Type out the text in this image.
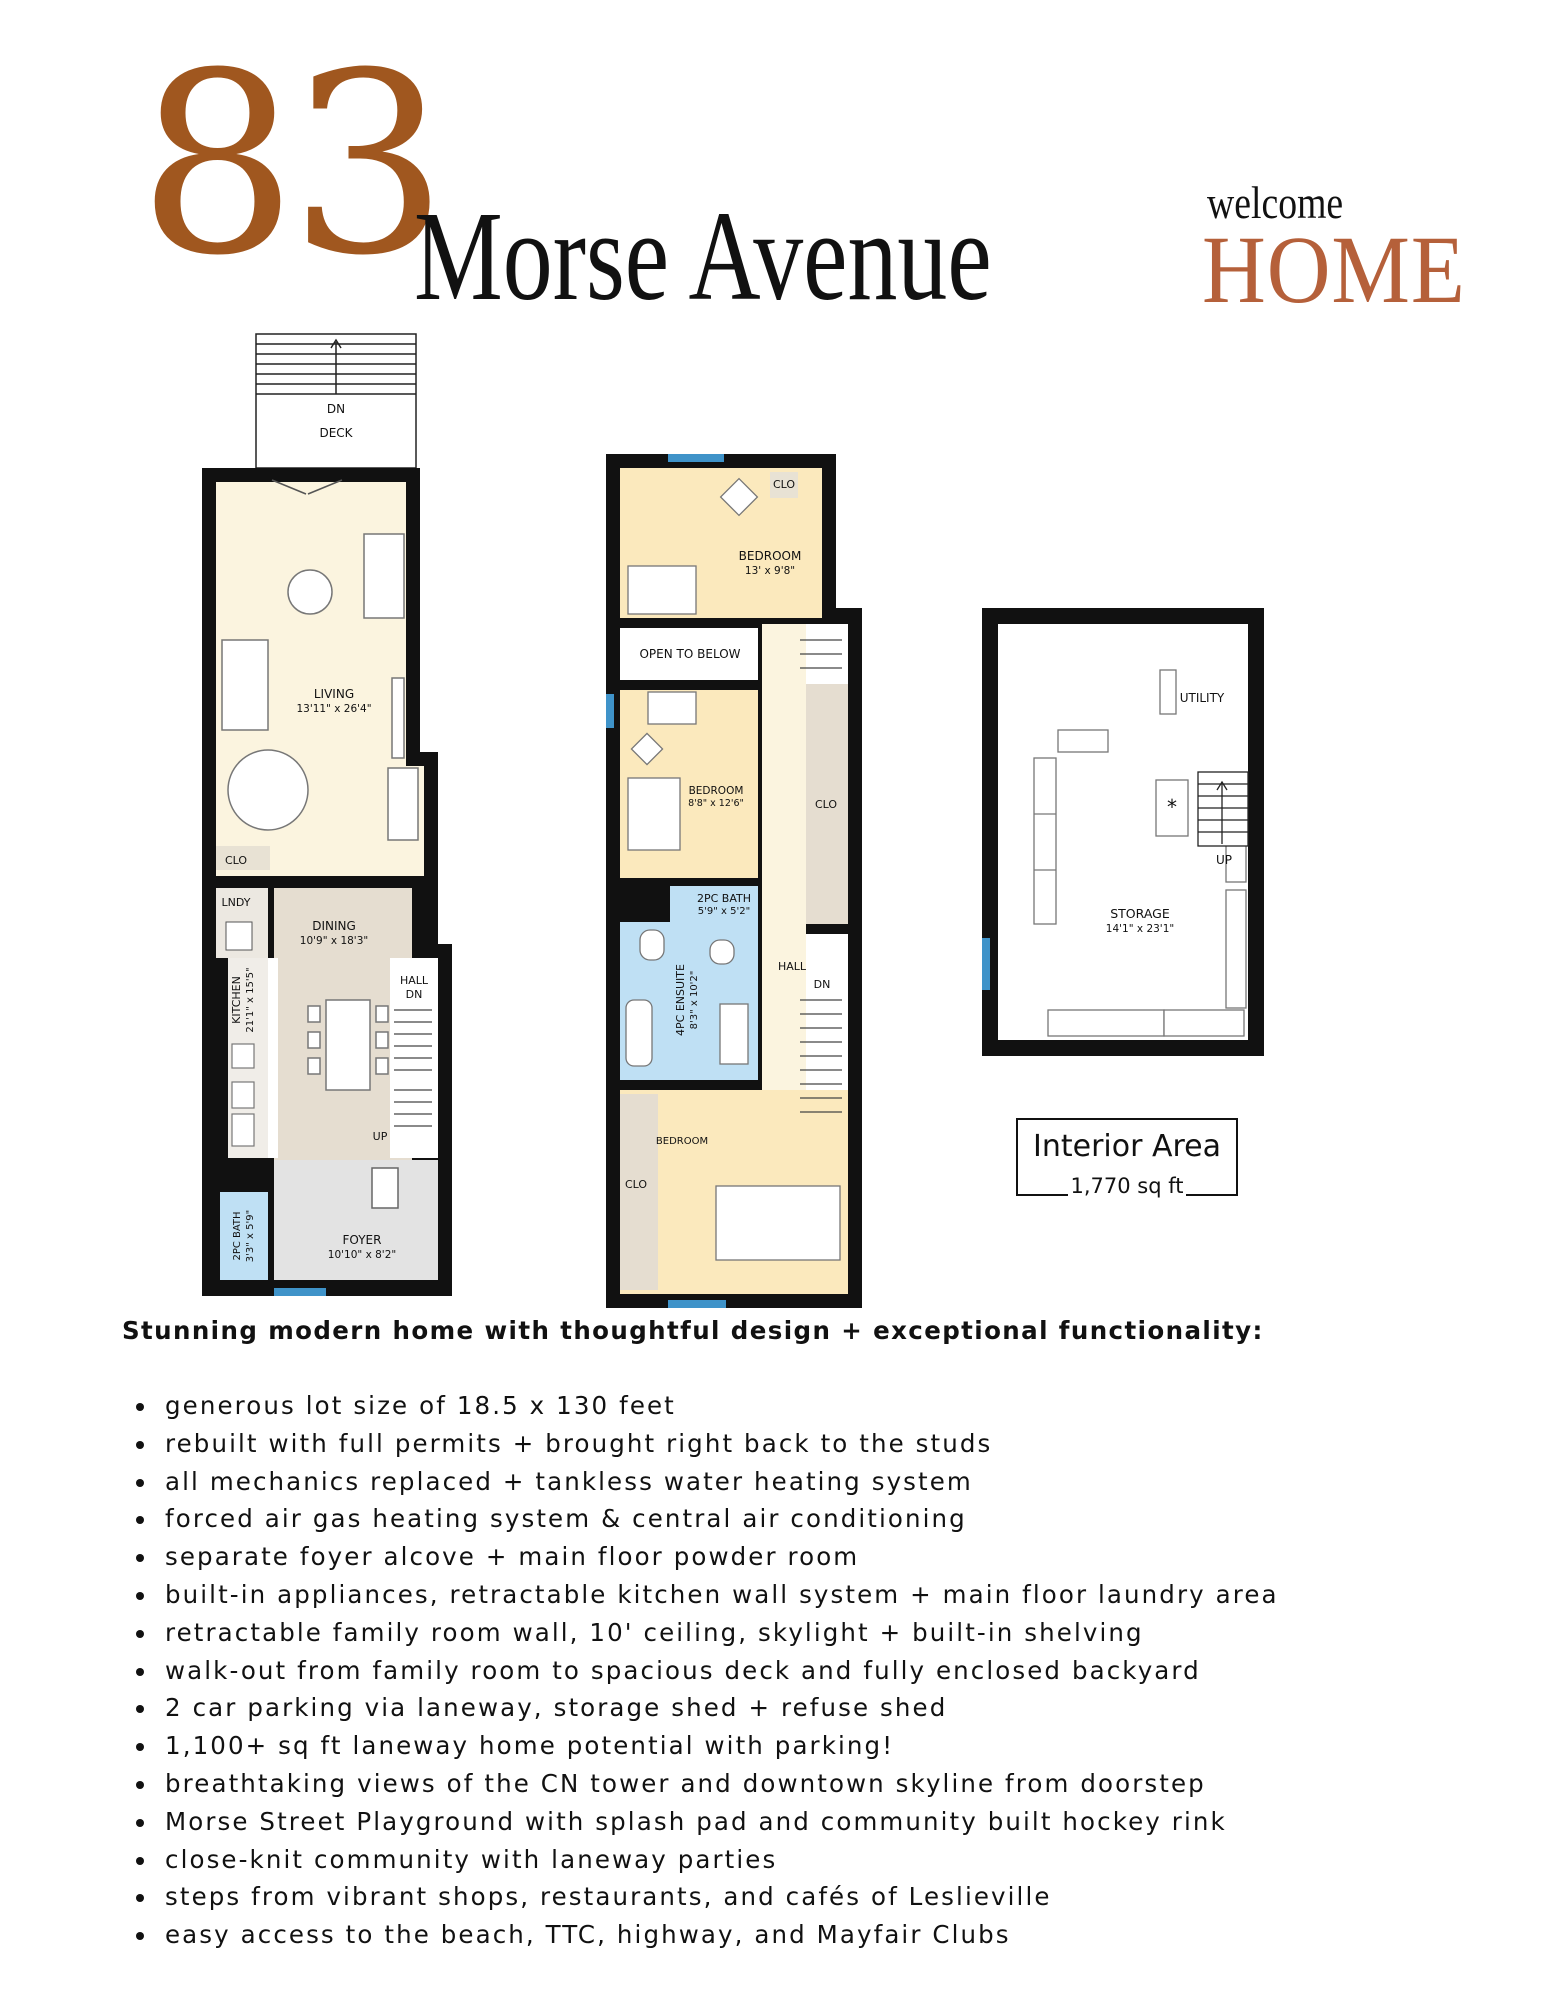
83
Morse Avenue	welcome
HOME
DN
DECK
LIVING
13'11" x 26'4"
CLO
LNDY
DINING
10'9" x 18'3"
KITCHEN 21'1" x 15'5"	HALL
DN
UP
FOYER
10'10" x 8'2"
2PC BATH 3'3" x 5'9"
CLO
BEDROOM
13' x 9'8"
OPEN TO BELOW
BEDROOM
8'8" x 12'6"	CLO
2PC BATH
5'9" x 5'2"
HALL
DN
4PC ENSUITE 8'3" x 10'2"
BEDROOM
CLO
*
UTILITY
UP
STORAGE
14'1" x 23'1"
Interior Area
1,770 sq ft
Stunning modern home with thoughtful design + exceptional functionality:
generous lot size of 18.5 x 130 feet
rebuilt with full permits + brought right back to the studs
all mechanics replaced + tankless water heating system
forced air gas heating system & central air conditioning
separate foyer alcove + main floor powder room
built-in appliances, retractable kitchen wall system + main floor laundry area
retractable family room wall, 10' ceiling, skylight + built-in shelving
walk-out from family room to spacious deck and fully enclosed backyard
2 car parking via laneway, storage shed + refuse shed
1,100+ sq ft laneway home potential with parking!
breathtaking views of the CN tower and downtown skyline from doorstep
Morse Street Playground with splash pad and community built hockey rink
close-knit community with laneway parties
steps from vibrant shops, restaurants, and cafés of Leslieville
easy access to the beach, TTC, highway, and Mayfair Clubs
